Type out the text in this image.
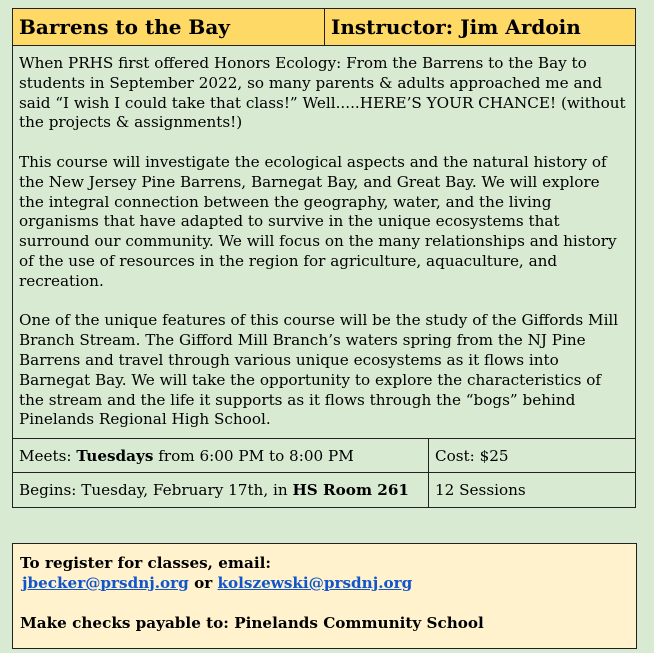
Barrens to the Bay	Instructor: Jim Ardoin

When PRHS first offered Honors Ecology: From the Barrens to the Bay to students in September 2022, so many parents & adults approached me and said “I wish I could take that class!” Well.....HERE’S YOUR CHANCE! (without the projects & assignments!)

This course will investigate the ecological aspects and the natural history of the New Jersey Pine Barrens, Barnegat Bay, and Great Bay. We will explore the integral connection between the geography, water, and the living organisms that have adapted to survive in the unique ecosystems that surround our community. We will focus on the many relationships and history of the use of resources in the region for agriculture, aquaculture, and recreation.

One of the unique features of this course will be the study of the Giffords Mill Branch Stream. The Gifford Mill Branch’s waters spring from the NJ Pine Barrens and travel through various unique ecosystems as it flows into Barnegat Bay. We will take the opportunity to explore the characteristics of the stream and the life it supports as it flows through the “bogs” behind Pinelands Regional High School.

Meets: Tuesdays from 6:00 PM to 8:00 PM	Cost: $25
Begins: Tuesday, February 17th, in HS Room 261	12 Sessions
To register for classes, email:
jbecker@prsdnj.org or kolszewski@prsdnj.org
Make checks payable to: Pinelands Community School
